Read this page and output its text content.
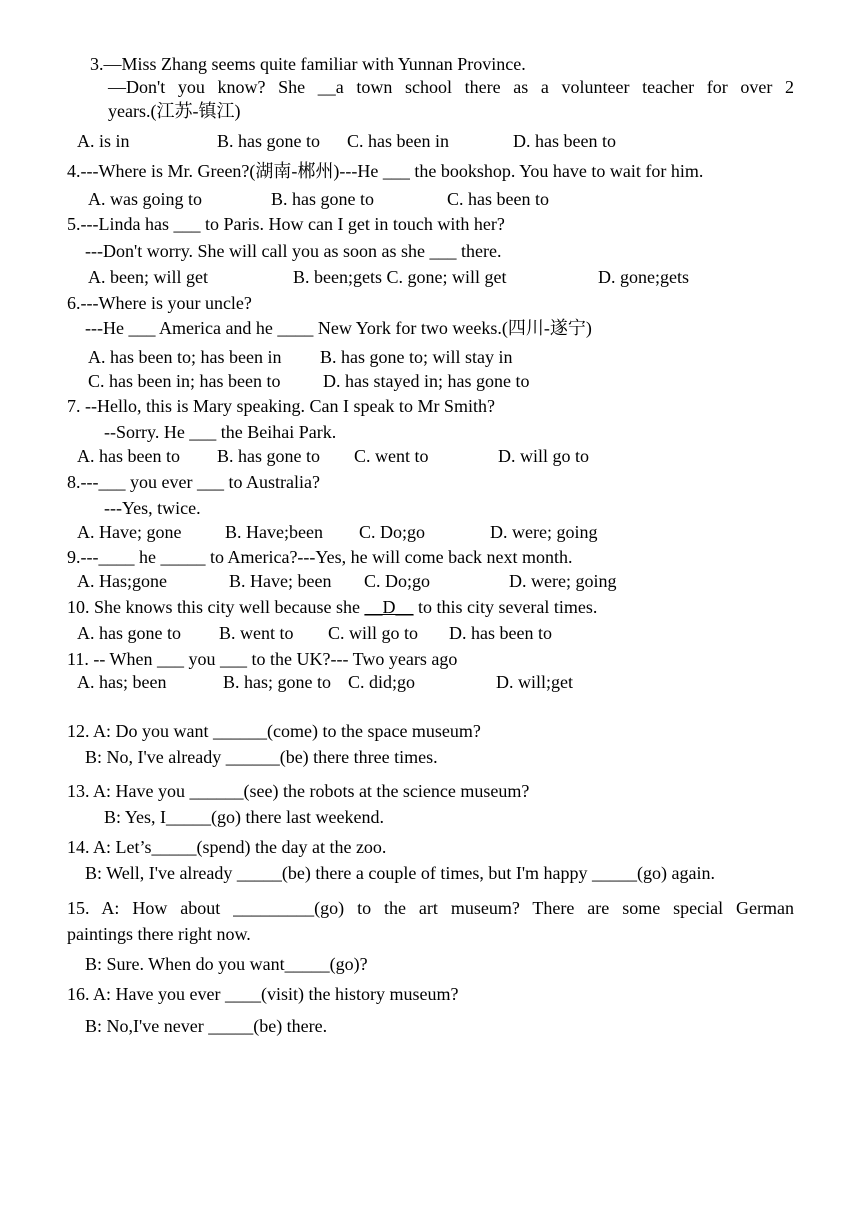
3.—Miss Zhang seems quite familiar with Yunnan Province.
—Don't you know? She __a town school there as a volunteer teacher for over 2
years.(江苏-镇江)
A. is in	B. has gone to C. has been in	D. has been to
4.---Where is Mr. Green?(湖南-郴州)---He ___ the bookshop. You have to wait for him.
A. was going to	B. has gone to	C. has been to
5.---Linda has ___ to Paris. How can I get in touch with her?
---Don't worry. She will call you as soon as she ___ there.
A. been; will get	B. been;gets C. gone; will get	D. gone;gets
6.---Where is your uncle?
---He ___ America and he ____ New York for two weeks.(四川-遂宁)
A. has been to; has been in B. has gone to; will stay in
C. has been in; has been to D. has stayed in; has gone to
7. --Hello, this is Mary speaking. Can I speak to Mr Smith?
--Sorry. He ___ the Beihai Park.
A. has been to B. has gone to C. went to	D. will go to
8.---___ you ever ___ to Australia?
---Yes, twice.
A. Have; gone B. Have;been C. Do;go	D. were; going
9.---____ he _____ to America?---Yes, he will come back next month.
A. Has;gone	B. Have; been C. Do;go	D. were; going
10. She knows this city well because she __D__ to this city several times.
A. has gone to B. went to C. will go to D. has been to
11. -- When ___ you ___ to the UK?--- Two years ago
A. has; been	B. has; gone to C. did;go	D. will;get
12. A: Do you want ______(come) to the space museum?
B: No, I've already ______(be) there three times.
13. A: Have you ______(see) the robots at the science museum?
B: Yes, I_____(go) there last weekend.
14. A: Let’s_____(spend) the day at the zoo.
B: Well, I've already _____(be) there a couple of times, but I'm happy _____(go) again.
15. A: How about _________(go) to the art museum? There are some special German
paintings there right now.
B: Sure. When do you want_____(go)?
16. A: Have you ever ____(visit) the history museum?
B: No,I've never _____(be) there.
